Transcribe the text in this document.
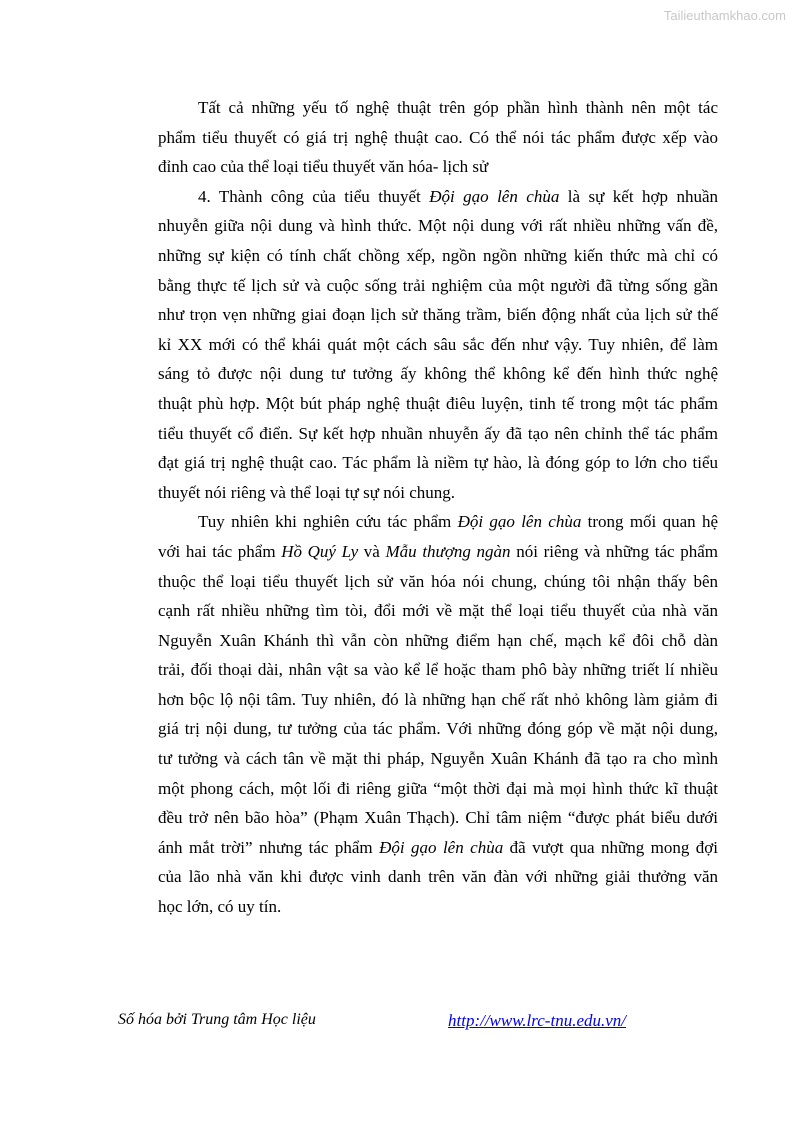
Tailieuthamkhao.com
Tất cả những yếu tố nghệ thuật trên góp phần hình thành nên một tác
phẩm tiểu thuyết có giá trị nghệ thuật cao. Có thể nói tác phẩm được xếp vào
đỉnh cao của thể loại tiểu thuyết văn hóa- lịch sử
4. Thành công của tiểu thuyết Đội gạo lên chùa là sự kết hợp nhuần
nhuyễn giữa nội dung và hình thức. Một nội dung với rất nhiều những vấn đề,
những sự kiện có tính chất chồng xếp, ngồn ngồn những kiến thức mà chỉ có
bằng thực tế lịch sử và cuộc sống trải nghiệm của một người đã từng sống gần
như trọn vẹn những giai đoạn lịch sử thăng trầm, biến động nhất của lịch sử thế
kỉ XX mới có thể khái quát một cách sâu sắc đến như vậy. Tuy nhiên, để làm
sáng tỏ được nội dung tư tưởng ấy không thể không kể đến hình thức nghệ
thuật phù hợp. Một bút pháp nghệ thuật điêu luyện, tinh tế trong một tác phẩm
tiểu thuyết cổ điển. Sự kết hợp nhuần nhuyễn ấy đã tạo nên chỉnh thể tác phẩm
đạt giá trị nghệ thuật cao. Tác phẩm là niềm tự hào, là đóng góp to lớn cho tiểu
thuyết nói riêng và thể loại tự sự nói chung.
Tuy nhiên khi nghiên cứu tác phẩm Đội gạo lên chùa trong mối quan hệ
với hai tác phẩm Hồ Quý Ly và Mẫu thượng ngàn nói riêng và những tác phẩm
thuộc thể loại tiểu thuyết lịch sử văn hóa nói chung, chúng tôi nhận thấy bên
cạnh rất nhiều những tìm tòi, đổi mới về mặt thể loại tiểu thuyết của nhà văn
Nguyễn Xuân Khánh thì vẫn còn những điểm hạn chế, mạch kể đôi chỗ dàn
trải, đối thoại dài, nhân vật sa vào kể lể hoặc tham phô bày những triết lí nhiều
hơn bộc lộ nội tâm. Tuy nhiên, đó là những hạn chế rất nhỏ không làm giảm đi
giá trị nội dung, tư tưởng của tác phẩm. Với những đóng góp về mặt nội dung,
tư tưởng và cách tân về mặt thi pháp, Nguyễn Xuân Khánh đã tạo ra cho mình
một phong cách, một lối đi riêng giữa “một thời đại mà mọi hình thức kĩ thuật
đều trở nên bão hòa” (Phạm Xuân Thạch). Chỉ tâm niệm “được phát biểu dưới
ánh mắt trời” nhưng tác phẩm Đội gạo lên chùa đã vượt qua những mong đợi
của lão nhà văn khi được vinh danh trên văn đàn với những giải thưởng văn
học lớn, có uy tín.
Số hóa bởi Trung tâm Học liệu	http://www.lrc-tnu.edu.vn/
